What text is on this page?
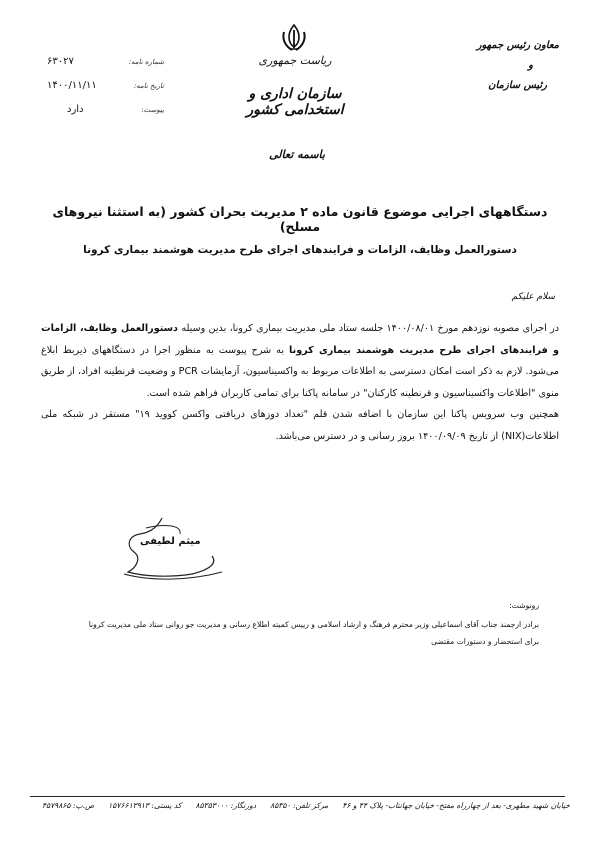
ریاست جمهوری
سازمان اداری و استخدامی کشور
باسمه تعالی
معاون رئیس جمهور
و
رئیس سازمان
شماره نامه:
۶۳۰۲۷
تاریخ نامه:
۱۴۰۰/۱۱/۱۱
پیوست:
دارد
دستگاههای اجرایی موضوع قانون ماده ۲ مدیریت بحران کشور (به استثنا نیروهای مسلح)
دستورالعمل وظایف، الزامات و فرایندهای اجرای طرح مدیریت هوشمند بیماری کرونا
سلام علیکم

در اجرای مصوبه نوزدهم مورخ ۱۴۰۰/۰۸/۰۱ جلسه ستاد ملی مدیریت بیماری کرونا، بدین وسیله دستورالعمل وظایف، الزامات و فرایندهای اجرای طرح مدیریت هوشمند بیماری کرونا به شرح پیوست به منظور اجرا در دستگاههای ذیربط ابلاغ می‌شود. لازم به ذکر است امکان دسترسی به اطلاعات مربوط به واکسیناسیون، آزمایشات PCR و وضعیت قرنطینه افراد، از طریق منوی "اطلاعات واکسیناسیون و قرنطینه کارکنان" در سامانه پاکنا برای تمامی کاربران فراهم شده است.

همچنین وب سرویس پاکنا این سازمان با اضافه شدن قلم "تعداد دوزهای دریافتی واکسن کووید ۱۹" مستقر در شبکه ملی اطلاعات(NIX) از تاریخ ۱۴۰۰/۰۹/۰۹ بروز رسانی و در دسترس می‌باشد.

میثم لطیفی

رونوشت:

برادر ارجمند جناب آقای اسماعیلی وزیر محترم فرهنگ و ارشاد اسلامی و رییس کمیته اطلاع رسانی و مدیریت جو روانی ستاد ملی مدیریت کرونا

برای استحضار و دستورات مقتضی

خیابان شهید مطهری- بعد از چهارراه مفتح- خیابان جهانتاب- پلاک ۴۴ و ۴۶
مرکز تلفن: ۸۵۳۵۰
دورنگار: ۸۵۳۵۳۰۰۰
کد پستی: ۱۵۷۶۶۱۳۹۱۳
ص.پ: ۴۵۷۹۸۶۵
